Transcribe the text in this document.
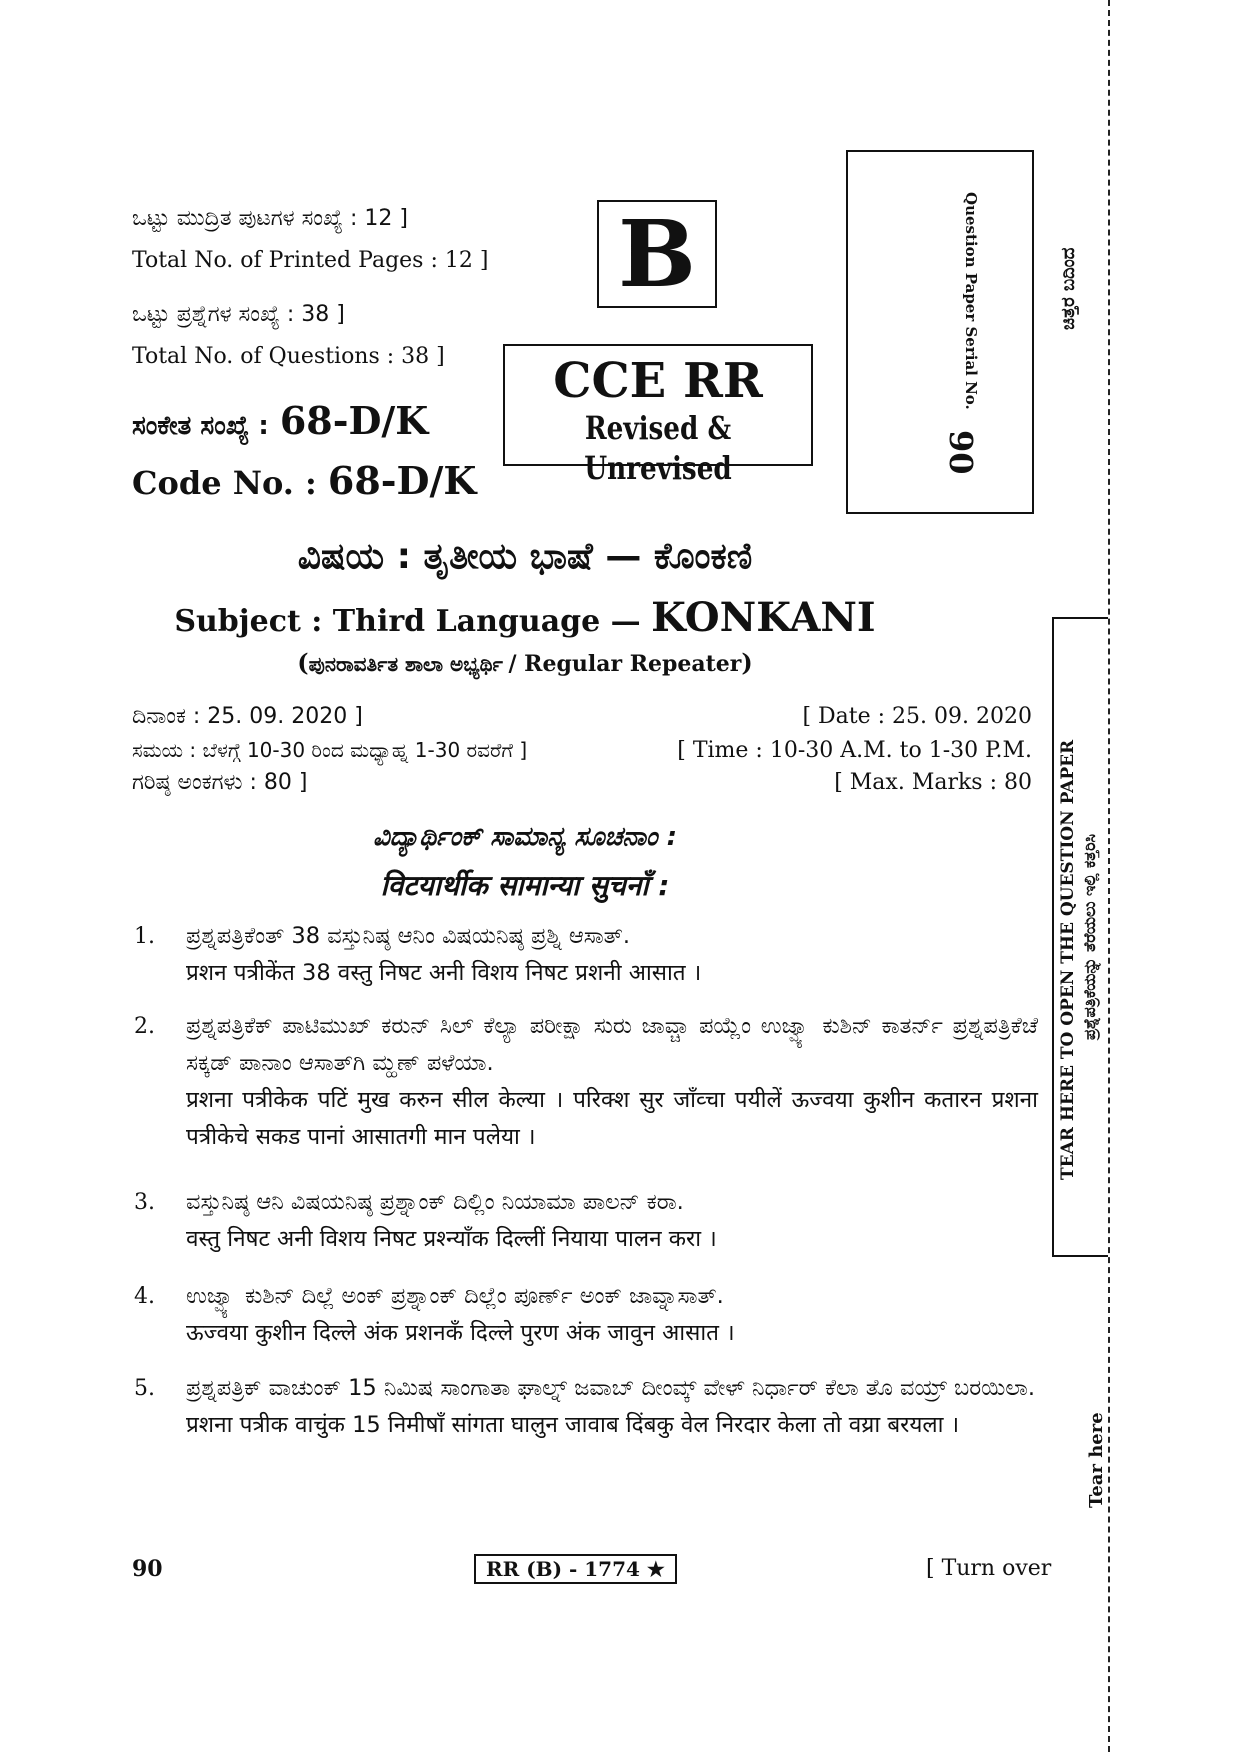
ಒಟ್ಟು ಮುದ್ರಿತ ಪುಟಗಳ ಸಂಖ್ಯೆ : 12 ]
Total No. of Printed Pages : 12 ]
ಒಟ್ಟು ಪ್ರಶ್ನೆಗಳ ಸಂಖ್ಯೆ : 38 ]
Total No. of Questions : 38 ]
ಸಂಕೇತ ಸಂಖ್ಯೆ : 68-D/K
Code No. : 68-D/K
B
CCE RR
Revised & Unrevised
Question Paper Serial No.
90
ಚಿತ್ತರ ಬದಿಂದ
ವಿಷಯ : ತೃತೀಯ ಭಾಷೆ — ಕೊಂಕಣಿ
Subject : Third Language — KONKANI
(ಪುನರಾವರ್ತಿತ ಶಾಲಾ ಅಭ್ಯರ್ಥಿ / Regular Repeater)
ದಿನಾಂಕ : 25. 09. 2020 ]	[ Date : 25. 09. 2020
ಸಮಯ : ಬೆಳಗ್ಗೆ 10-30 ರಿಂದ ಮಧ್ಯಾಹ್ನ 1-30 ರವರೆಗೆ ]	[ Time : 10-30 A.M. to 1-30 P.M.
ಗರಿಷ್ಠ ಅಂಕಗಳು : 80 ]	[ Max. Marks : 80
ವಿದ್ಯಾರ್ಥಿಂಕ್ ಸಾಮಾನ್ಯ ಸೂಚನಾಂ :
विटयार्थीक सामान्या सुचनाँ :
1. ಪ್ರಶ್ನಪತ್ರಿಕೆಂತ್ 38 ವಸ್ತುನಿಷ್ಠ ಆನಿಂ ವಿಷಯನಿಷ್ಠ ಪ್ರಶ್ನಿ ಆಸಾತ್.
प्रशन पत्रीकेंत 38 वस्तु निषट अनी विशय निषट प्रशनी आसात ।
2. ಪ್ರಶ್ನಪತ್ರಿಕೆಕ್ ಪಾಟಿಮುಖ್ ಕರುನ್ ಸಿಲ್ ಕೆಲ್ಯಾ ಪರೀಕ್ಷಾ ಸುರು ಜಾವ್ಚಾ ಪಯ್ಲೆಂ ಉಜ್ವ್ಯಾ ಕುಶಿನ್ ಕಾತರ್ನ್ ಪ್ರಶ್ನಪತ್ರಿಕೆಚೆ ಸಕ್ಕಡ್ ಪಾನಾಂ ಆಸಾತ್‌ಗಿ ಮ್ಹಣ್ ಪಳೆಯಾ.
प्रशना पत्रीकेक पटिं मुख करुन सील केल्या । परिक्श सुर जाँव्चा पयीलें ऊज्वया कुशीन कतारन प्रशना पत्रीकेचे सकड पानां आसातगी मान पलेया ।
3. ವಸ್ತುನಿಷ್ಠ ಆನಿ ವಿಷಯನಿಷ್ಠ ಪ್ರಶ್ನಾಂಕ್ ದಿಲ್ಲಿಂ ನಿಯಾಮಾ ಪಾಲನ್ ಕರಾ.
वस्तु निषट अनी विशय निषट प्रश्न्याँक दिल्लीं नियाया पालन करा ।
4. ಉಜ್ವ್ಯಾ ಕುಶಿನ್ ದಿಲ್ಲೆ ಅಂಕ್ ಪ್ರಶ್ನಾಂಕ್ ದಿಲ್ಲೆಂ ಪೂರ್ಣ್ ಅಂಕ್ ಜಾವ್ನಾಸಾತ್.
ऊज्वया कुशीन दिल्ले अंक प्रशनकँ दिल्ले पुरण अंक जावुन आसात ।
5. ಪ್ರಶ್ನಪತ್ರಿಕ್ ವಾಚುಂಕ್ 15 ನಿಮಿಷ ಸಾಂಗಾತಾ ಘಾಲ್ನ್ ಜವಾಬ್ ದೀಂವ್ಕ್ ವೇಳ್ ನಿರ್ಧಾರ್ ಕೆಲಾ ತೊ ವಯ್ರ್ ಬರಯಿಲಾ.
प्रशना पत्रीक वाचुंक 15 निमीषाँ सांगता घालुन जावाब दिंबकु वेल निरदार केला तो वय्रा बरयला ।
TEAR HERE TO OPEN THE QUESTION PAPER ಪ್ರಶ್ನೆಪತ್ರಿಕೆಯನ್ನು ತೆರೆಯಲು ಇಲ್ಲಿ ಕತ್ತರಿಸಿ
Tear here
90	RR (B) - 1774 ★	[ Turn over
